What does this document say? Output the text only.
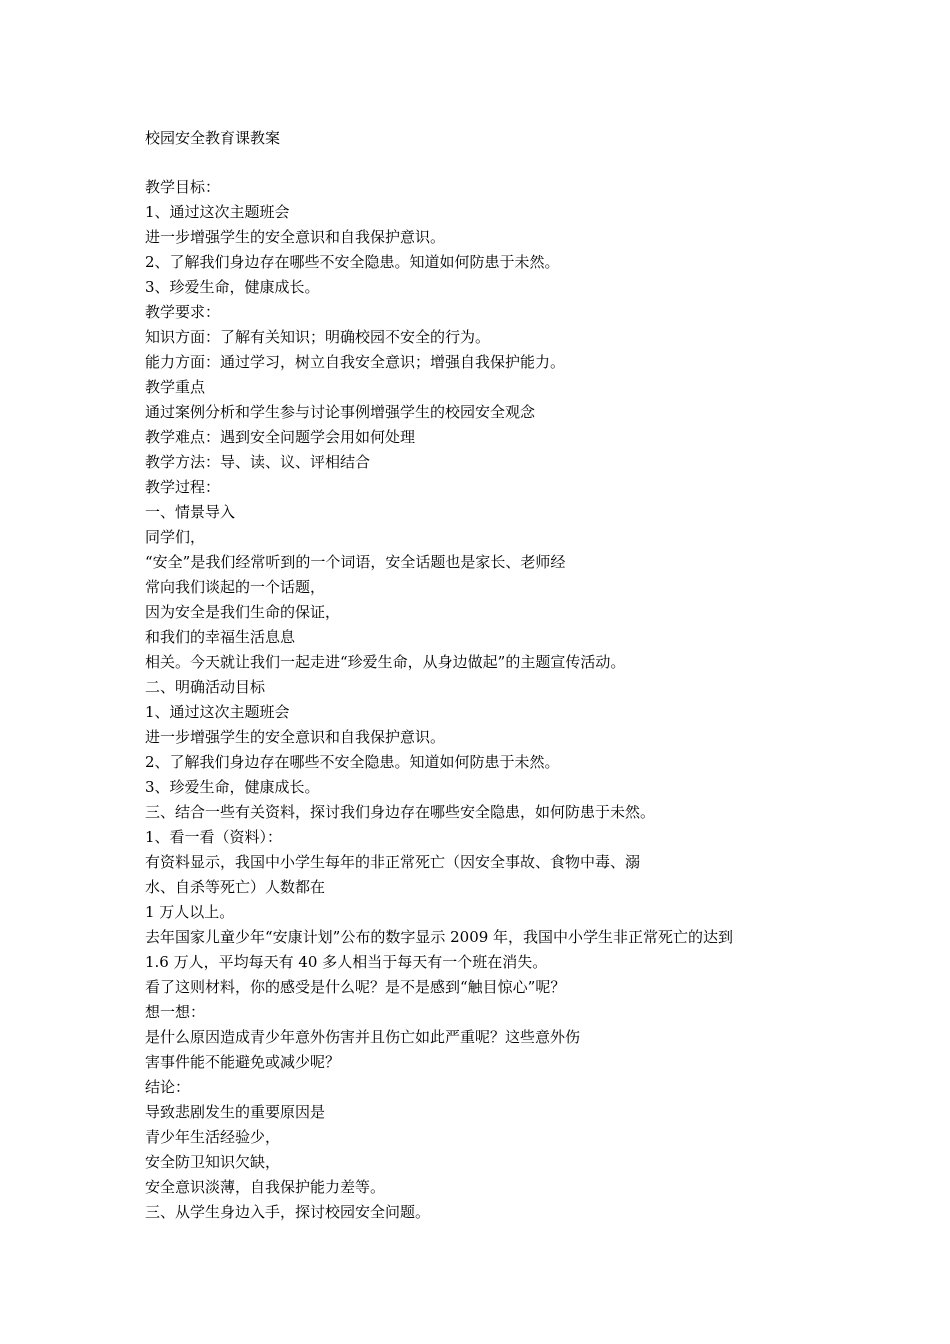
校园安全教育课教案
教学目标：
1、通过这次主题班会
进一步增强学生的安全意识和自我保护意识。
2、了解我们身边存在哪些不安全隐患。知道如何防患于未然。
3、珍爱生命，健康成长。
教学要求：
知识方面：了解有关知识；明确校园不安全的行为。
能力方面：通过学习，树立自我安全意识；增强自我保护能力。
教学重点
通过案例分析和学生参与讨论事例增强学生的校园安全观念
教学难点：遇到安全问题学会用如何处理
教学方法：导、读、议、评相结合
教学过程：
一、情景导入
同学们，
“安全”是我们经常听到的一个词语，安全话题也是家长、老师经
常向我们谈起的一个话题，
因为安全是我们生命的保证，
和我们的幸福生活息息
相关。今天就让我们一起走进“珍爱生命，从身边做起”的主题宣传活动。
二、明确活动目标
1、通过这次主题班会
进一步增强学生的安全意识和自我保护意识。
2、了解我们身边存在哪些不安全隐患。知道如何防患于未然。
3、珍爱生命，健康成长。
三、结合一些有关资料，探讨我们身边存在哪些安全隐患，如何防患于未然。
1、看一看（资料）：
有资料显示，我国中小学生每年的非正常死亡（因安全事故、食物中毒、溺
水、自杀等死亡）人数都在
1 万人以上。
去年国家儿童少年“安康计划”公布的数字显示 2009 年，我国中小学生非正常死亡的达到
1.6 万人，平均每天有 40 多人相当于每天有一个班在消失。
看了这则材料，你的感受是什么呢？是不是感到“触目惊心”呢？
想一想：
是什么原因造成青少年意外伤害并且伤亡如此严重呢？这些意外伤
害事件能不能避免或减少呢？
结论：
导致悲剧发生的重要原因是
青少年生活经验少，
安全防卫知识欠缺，
安全意识淡薄，自我保护能力差等。
三、从学生身边入手，探讨校园安全问题。
